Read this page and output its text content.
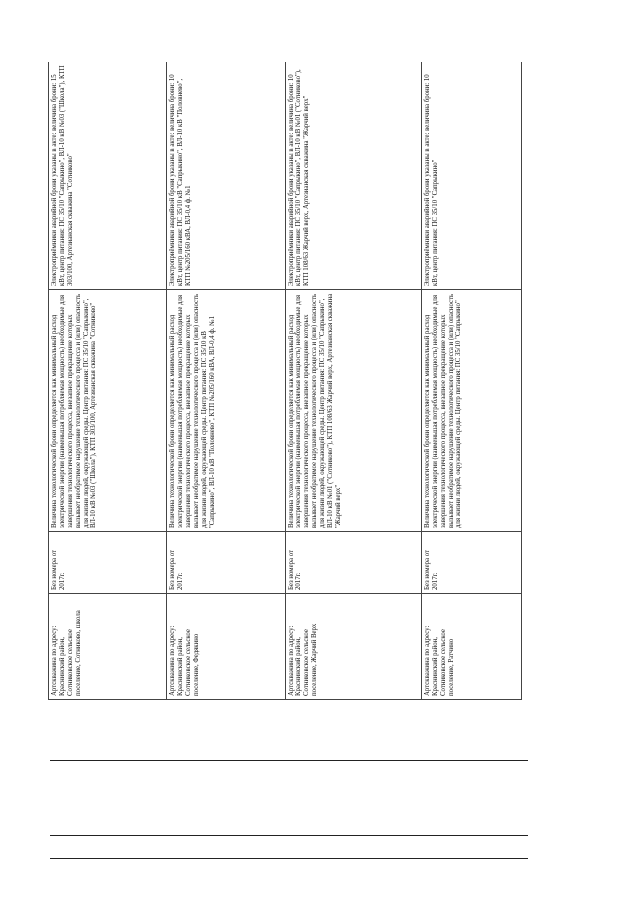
Артскважина по адресу: Краснинский район, Сотниковское сельское поселение, Сотниково, школа	Без номера от 2017г.	Величина технологической брони определяется как минимальный расход электрической энергии (наименьшая потребляемая мощность) необходимые для завершения технологического процесса, внезапное прекращение которых вызывает необратимое нарушение технологического процесса и (или) опасность для жизни людей, окружающей среды. Центр питания: ПС 35/10 "Сапрыкино", ВЛ-10 кВ №03 ("Школа"), КТП 303/100, Артезианская скважина "Сотниково"	Электроприёмники аварийной брони указаны в акте: величина брони: 15 кВт, центр питания: ПС 35/10 "Сапрыкино", ВЛ-10 кВ №03 ("Школа"), КТП 303/100, Артезианская скважина "Сотниково"
Артскважина по адресу: Краснинский район, Сотниковское сельское поселение, Федякино	Без номера от 2017г.	Величина технологической брони определяется как минимальный расход электрической энергии (наименьшая потребляемая мощность) необходимые для завершения технологического процесса, внезапное прекращение которых вызывает необратимое нарушение технологического процесса и (или) опасность для жизни людей, окружающей среды. Центр питания: ПС 35/10 кВ "Сапрыкино", ВЛ-10 кВ "Половнево", КТП №205/160 кВА, ВЛ-0,4 ф. №1	Электроприёмники аварийной брони указаны в акте: величина брони: 10 кВт, центр питания: ПС 35/10 кВ "Сапрыкино", ВЛ-10 кВ "Половнево", КТП №205/160 кВА, ВЛ-0,4 ф. №1
Артскважина по адресу: Краснинский район, Сотниковское сельское поселение, Жарчий Верх	Без номера от 2017г.	Величина технологической брони определяется как минимальный расход электрической энергии (наименьшая потребляемая мощность) необходимые для завершения технологического процесса, внезапное прекращение которых вызывает необратимое нарушение технологического процесса и (или) опасность для жизни людей, окружающей среды. Центр питания: ПС 35/10 "Сапрыкино", ВЛ-10 кВ №01 ("Сотниково"), КТП 108/63 Жарчий верх, Артезианская скважина "Жарчий верх"	Электроприёмники аварийной брони указаны в акте: величина брони: 10 кВт, центр питания: ПС 35/10 "Сапрыкино", ВЛ-10 кВ №01 ("Сотниково"), КТП 108/63 Жарчий верх, Артезианская скважина "Жарчий верх"
Артскважина по адресу: Краснинский район, Сотниковское сельское поселение, Ратчино	Без номера от 2017г.	Величина технологической брони определяется как минимальный расход электрической энергии (наименьшая потребляемая мощность) необходимые для завершения технологического процесса, внезапное прекращение которых вызывает необратимое нарушение технологического процесса и (или) опасность для жизни людей, окружающей среды. Центр питания: ПС 35/10 "Сапрыкино"	Электроприёмники аварийной брони указаны в акте: величина брони: 10 кВт, центр питания: ПС 35/10 "Сапрыкино"
